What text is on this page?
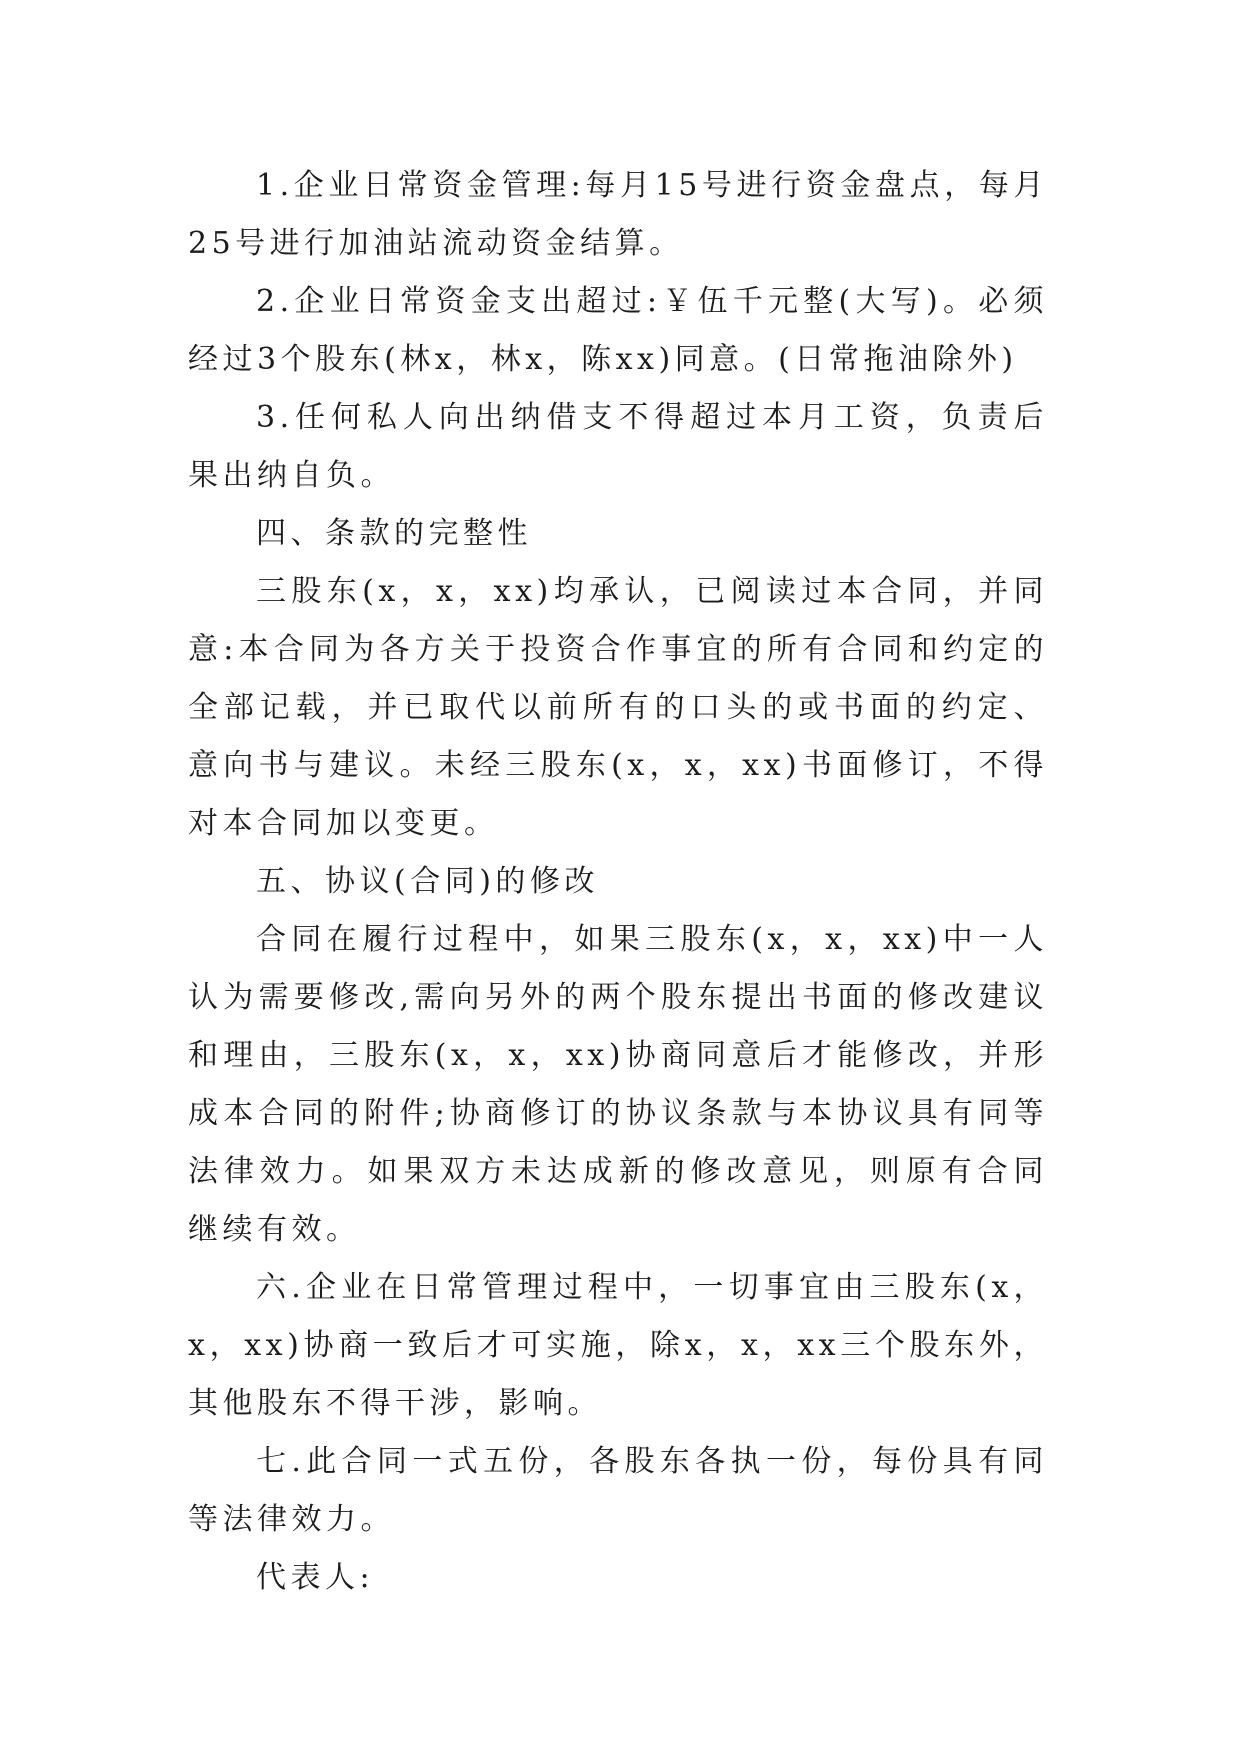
1.企业日常资金管理:每月15号进行资金盘点，每月25号进行加油站流动资金结算。

2.企业日常资金支出超过:￥伍千元整(大写)。必须经过3个股东(林x，林x，陈xx)同意。(日常拖油除外)

3.任何私人向出纳借支不得超过本月工资，负责后果出纳自负。

四、条款的完整性

三股东(x，x，xx)均承认，已阅读过本合同，并同意:本合同为各方关于投资合作事宜的所有合同和约定的全部记载，并已取代以前所有的口头的或书面的约定、意向书与建议。未经三股东(x，x，xx)书面修订，不得对本合同加以变更。

五、协议(合同)的修改

合同在履行过程中，如果三股东(x，x，xx)中一人认为需要修改,需向另外的两个股东提出书面的修改建议和理由，三股东(x，x，xx)协商同意后才能修改，并形成本合同的附件;协商修订的协议条款与本协议具有同等法律效力。如果双方未达成新的修改意见，则原有合同继续有效。

六.企业在日常管理过程中，一切事宜由三股东(x，x，xx)协商一致后才可实施，除x，x，xx三个股东外，其他股东不得干涉，影响。

七.此合同一式五份，各股东各执一份，每份具有同等法律效力。

代表人:
